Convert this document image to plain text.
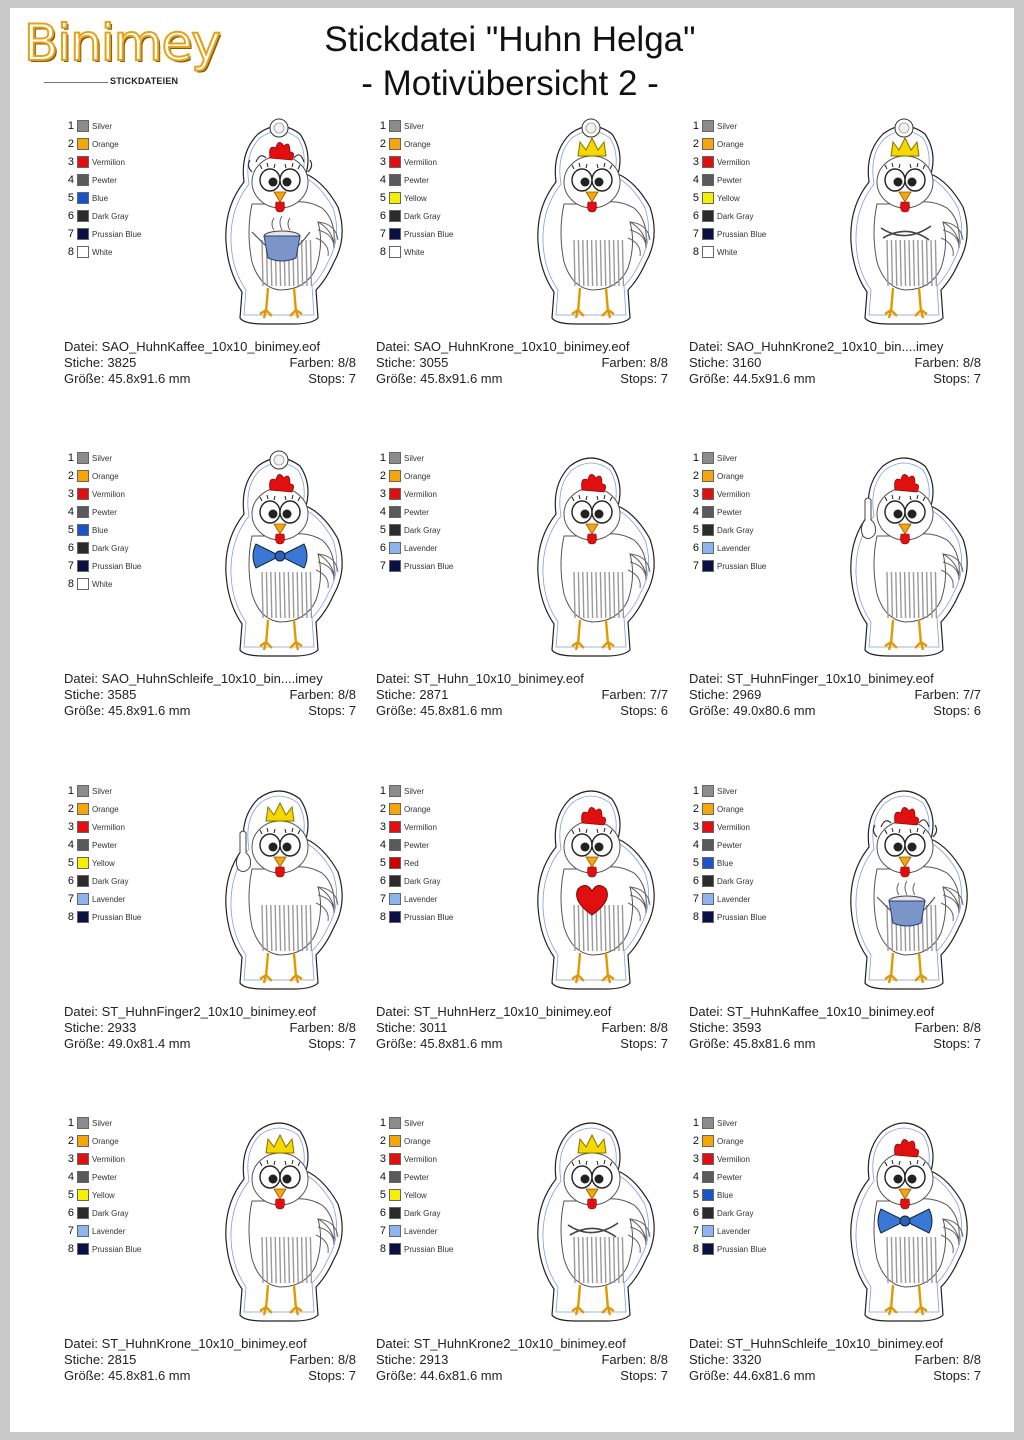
Binimey
STICKDATEIEN
Stickdatei "Huhn Helga"
- Motivübersicht 2 -
1 Silver
2 Orange
3 Vermilion
4 Pewter
5 Blue
6 Dark Gray
7 Prussian Blue
8 White
Datei: SAO_HuhnKaffee_10x10_binimey.eof
Stiche: 3825	Farben: 8/8
Größe: 45.8x91.6 mm	Stops: 7
1 Silver
2 Orange
3 Vermilion
4 Pewter
5 Yellow
6 Dark Gray
7 Prussian Blue
8 White
Datei: SAO_HuhnKrone_10x10_binimey.eof
Stiche: 3055	Farben: 8/8
Größe: 45.8x91.6 mm	Stops: 7
1 Silver
2 Orange
3 Vermilion
4 Pewter
5 Yellow
6 Dark Gray
7 Prussian Blue
8 White
Datei: SAO_HuhnKrone2_10x10_bin....imey
Stiche: 3160	Farben: 8/8
Größe: 44.5x91.6 mm	Stops: 7
1 Silver
2 Orange
3 Vermilion
4 Pewter
5 Blue
6 Dark Gray
7 Prussian Blue
8 White
Datei: SAO_HuhnSchleife_10x10_bin....imey
Stiche: 3585	Farben: 8/8
Größe: 45.8x91.6 mm	Stops: 7
1 Silver
2 Orange
3 Vermilion
4 Pewter
5 Dark Gray
6 Lavender
7 Prussian Blue
Datei: ST_Huhn_10x10_binimey.eof
Stiche: 2871	Farben: 7/7
Größe: 45.8x81.6 mm	Stops: 6
1 Silver
2 Orange
3 Vermilion
4 Pewter
5 Dark Gray
6 Lavender
7 Prussian Blue
Datei: ST_HuhnFinger_10x10_binimey.eof
Stiche: 2969	Farben: 7/7
Größe: 49.0x80.6 mm	Stops: 6
1 Silver
2 Orange
3 Vermilion
4 Pewter
5 Yellow
6 Dark Gray
7 Lavender
8 Prussian Blue
Datei: ST_HuhnFinger2_10x10_binimey.eof
Stiche: 2933	Farben: 8/8
Größe: 49.0x81.4 mm	Stops: 7
1 Silver
2 Orange
3 Vermilion
4 Pewter
5 Red
6 Dark Gray
7 Lavender
8 Prussian Blue
Datei: ST_HuhnHerz_10x10_binimey.eof
Stiche: 3011	Farben: 8/8
Größe: 45.8x81.6 mm	Stops: 7
1 Silver
2 Orange
3 Vermilion
4 Pewter
5 Blue
6 Dark Gray
7 Lavender
8 Prussian Blue
Datei: ST_HuhnKaffee_10x10_binimey.eof
Stiche: 3593	Farben: 8/8
Größe: 45.8x81.6 mm	Stops: 7
1 Silver
2 Orange
3 Vermilion
4 Pewter
5 Yellow
6 Dark Gray
7 Lavender
8 Prussian Blue
Datei: ST_HuhnKrone_10x10_binimey.eof
Stiche: 2815	Farben: 8/8
Größe: 45.8x81.6 mm	Stops: 7
1 Silver
2 Orange
3 Vermilion
4 Pewter
5 Yellow
6 Dark Gray
7 Lavender
8 Prussian Blue
Datei: ST_HuhnKrone2_10x10_binimey.eof
Stiche: 2913	Farben: 8/8
Größe: 44.6x81.6 mm	Stops: 7
1 Silver
2 Orange
3 Vermilion
4 Pewter
5 Blue
6 Dark Gray
7 Lavender
8 Prussian Blue
Datei: ST_HuhnSchleife_10x10_binimey.eof
Stiche: 3320	Farben: 8/8
Größe: 44.6x81.6 mm	Stops: 7
